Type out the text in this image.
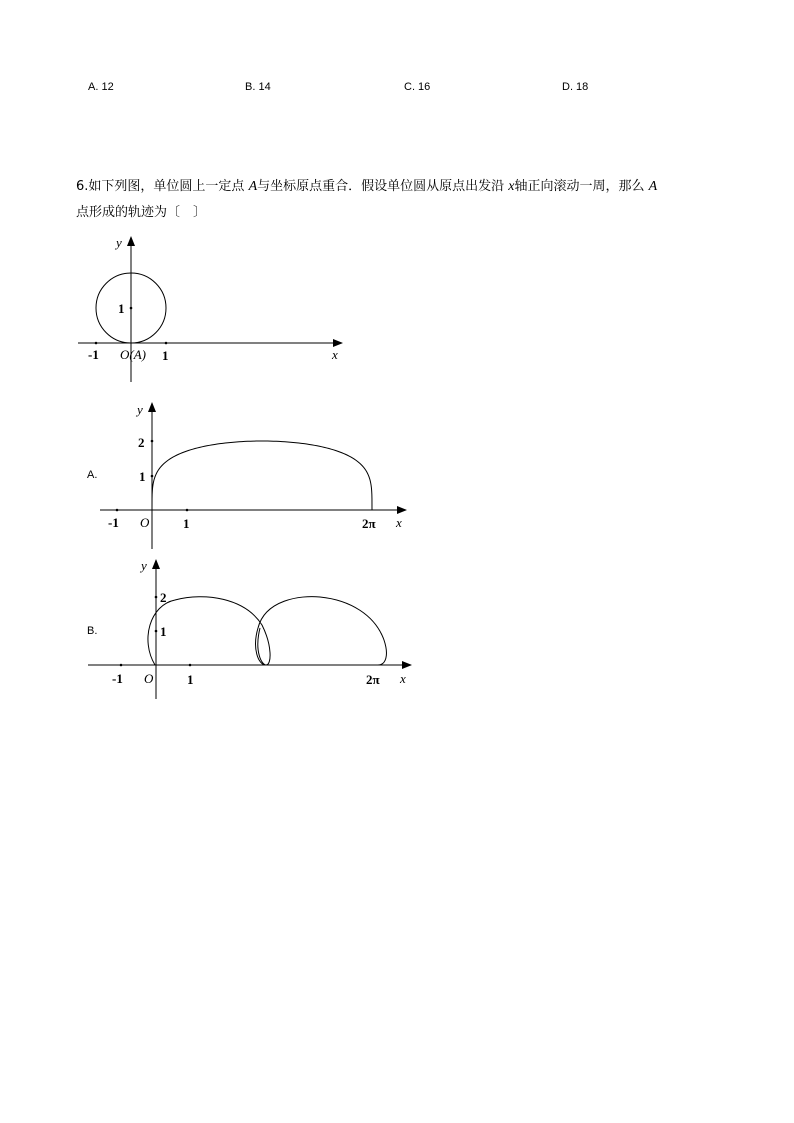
A. 12	B. 14	C. 16	D. 18
6.如下列图，单位圆上一定点 A与坐标原点重合．假设单位圆从原点出发沿 x轴正向滚动一周，那么 A
点形成的轨迹为〔　〕
y
x
1
-1 O(A) 1
y
x
2
1
-1 O	1	2π
y
x
2
1
-1 O	1	2π
A.
B.
